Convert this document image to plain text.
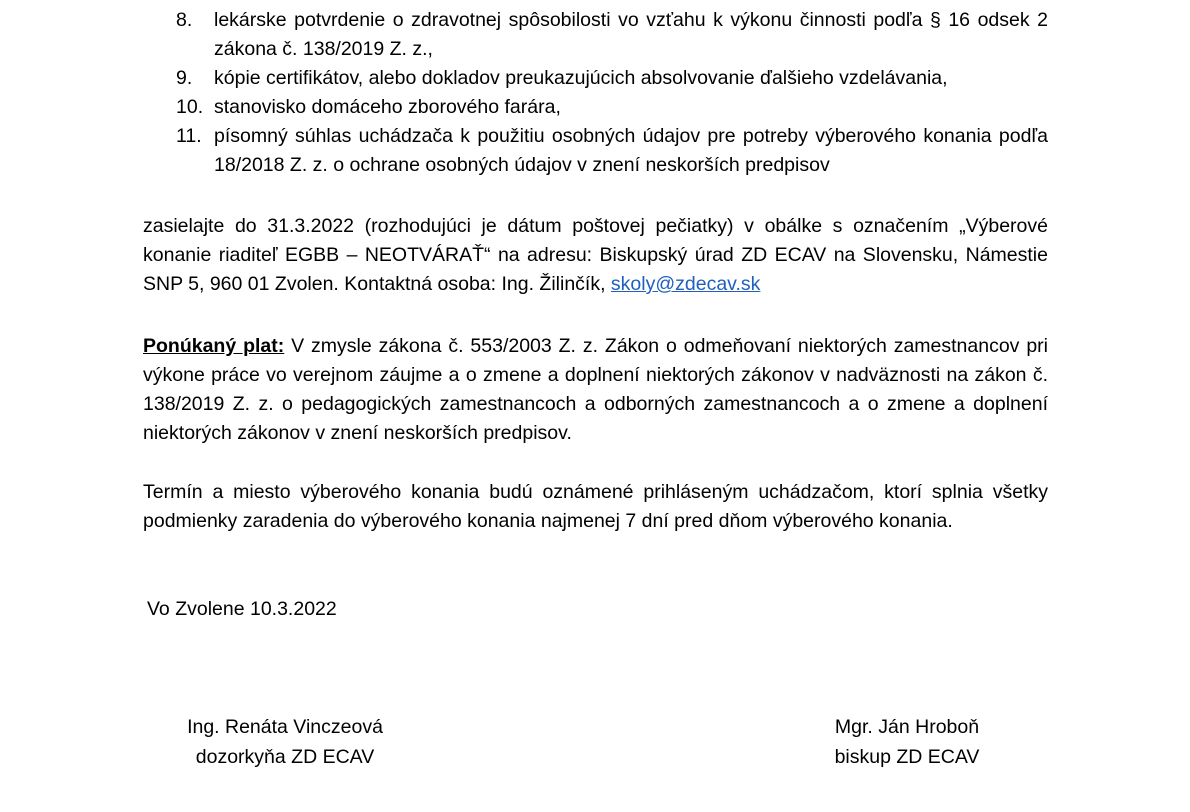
8. lekárske potvrdenie o zdravotnej spôsobilosti vo vzťahu k výkonu činnosti podľa § 16 odsek 2 zákona č. 138/2019 Z. z.,
9. kópie certifikátov, alebo dokladov preukazujúcich absolvovanie ďalšieho vzdelávania,
10. stanovisko domáceho zborového farára,
11. písomný súhlas uchádzača k použitiu osobných údajov pre potreby výberového konania podľa 18/2018 Z. z. o ochrane osobných údajov v znení neskorších predpisov

zasielajte do 31.3.2022 (rozhodujúci je dátum poštovej pečiatky) v obálke s označením „Výberové konanie riaditeľ EGBB – NEOTVÁRAŤ“ na adresu: Biskupský úrad ZD ECAV na Slovensku, Námestie SNP 5, 960 01 Zvolen. Kontaktná osoba: Ing. Žilinčík, skoly@zdecav.sk

Ponúkaný plat: V zmysle zákona č. 553/2003 Z. z. Zákon o odmeňovaní niektorých zamestnancov pri výkone práce vo verejnom záujme a o zmene a doplnení niektorých zákonov v nadväznosti na zákon č. 138/2019 Z. z. o pedagogických zamestnancoch a odborných zamestnancoch a o zmene a doplnení niektorých zákonov v znení neskorších predpisov.

Termín a miesto výberového konania budú oznámené prihláseným uchádzačom, ktorí splnia všetky podmienky zaradenia do výberového konania najmenej 7 dní pred dňom výberového konania.

Vo Zvolene 10.3.2022

Ing. Renáta Vinczeová
dozorkyňa ZD ECAV
Mgr. Ján Hroboň
biskup ZD ECAV
